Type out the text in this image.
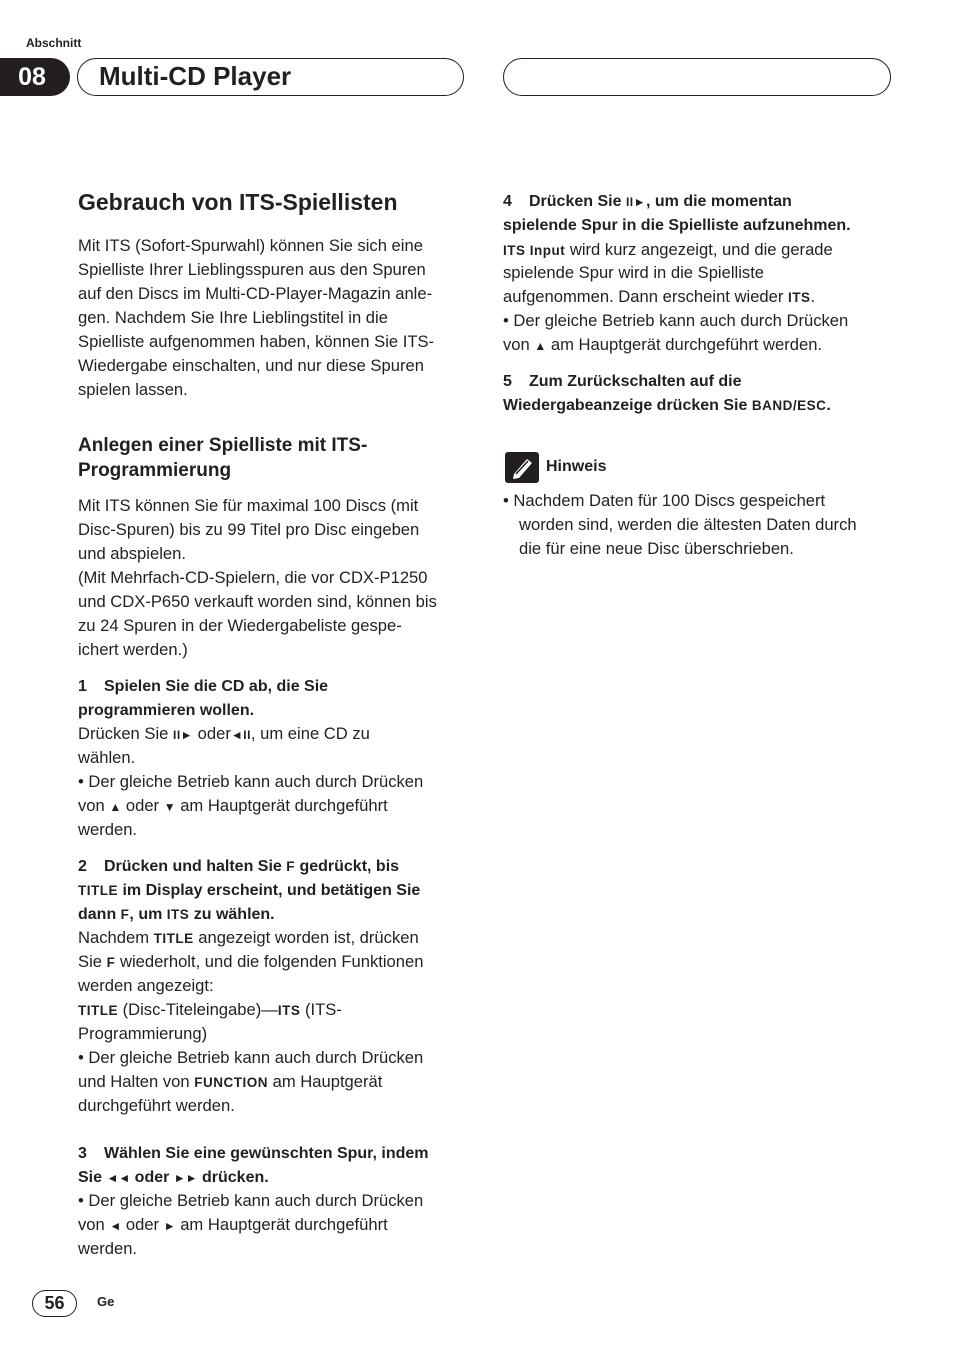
Abschnitt
08	Multi-CD Player
Gebrauch von ITS-Spiellisten
Mit ITS (Sofort-Spurwahl) können Sie sich eine
Spielliste Ihrer Lieblingsspuren aus den Spuren
auf den Discs im Multi-CD-Player-Magazin anle-
gen. Nachdem Sie Ihre Lieblingstitel in die
Spielliste aufgenommen haben, können Sie ITS-
Wiedergabe einschalten, und nur diese Spuren
spielen lassen.
Anlegen einer Spielliste mit ITS-
Programmierung
Mit ITS können Sie für maximal 100 Discs (mit
Disc-Spuren) bis zu 99 Titel pro Disc eingeben
und abspielen.
(Mit Mehrfach-CD-Spielern, die vor CDX-P1250
und CDX-P650 verkauft worden sind, können bis
zu 24 Spuren in der Wiedergabeliste gespe-
ichert werden.)
1 Spielen Sie die CD ab, die Sie
programmieren wollen.
Drücken Sie II► oder◄II, um eine CD zu
wählen.
• Der gleiche Betrieb kann auch durch Drücken
von ▲ oder ▼ am Hauptgerät durchgeführt
werden.
2 Drücken und halten Sie F gedrückt, bis
TITLE im Display erscheint, und betätigen Sie
dann F, um ITS zu wählen.
Nachdem TITLE angezeigt worden ist, drücken
Sie F wiederholt, und die folgenden Funktionen
werden angezeigt:
TITLE (Disc-Titeleingabe)—ITS (ITS-
Programmierung)
• Der gleiche Betrieb kann auch durch Drücken
und Halten von FUNCTION am Hauptgerät
durchgeführt werden.
3 Wählen Sie eine gewünschten Spur, indem
Sie ◄◄ oder ►► drücken.
• Der gleiche Betrieb kann auch durch Drücken
von ◄ oder ► am Hauptgerät durchgeführt
werden.
4 Drücken Sie II►, um die momentan
spielende Spur in die Spielliste aufzunehmen.
ITS Input wird kurz angezeigt, und die gerade
spielende Spur wird in die Spielliste
aufgenommen. Dann erscheint wieder ITS.
• Der gleiche Betrieb kann auch durch Drücken
von ▲ am Hauptgerät durchgeführt werden.
5 Zum Zurückschalten auf die
Wiedergabeanzeige drücken Sie BAND/ESC.
Hinweis
• Nachdem Daten für 100 Discs gespeichert
worden sind, werden die ältesten Daten durch
die für eine neue Disc überschrieben.
56	Ge
